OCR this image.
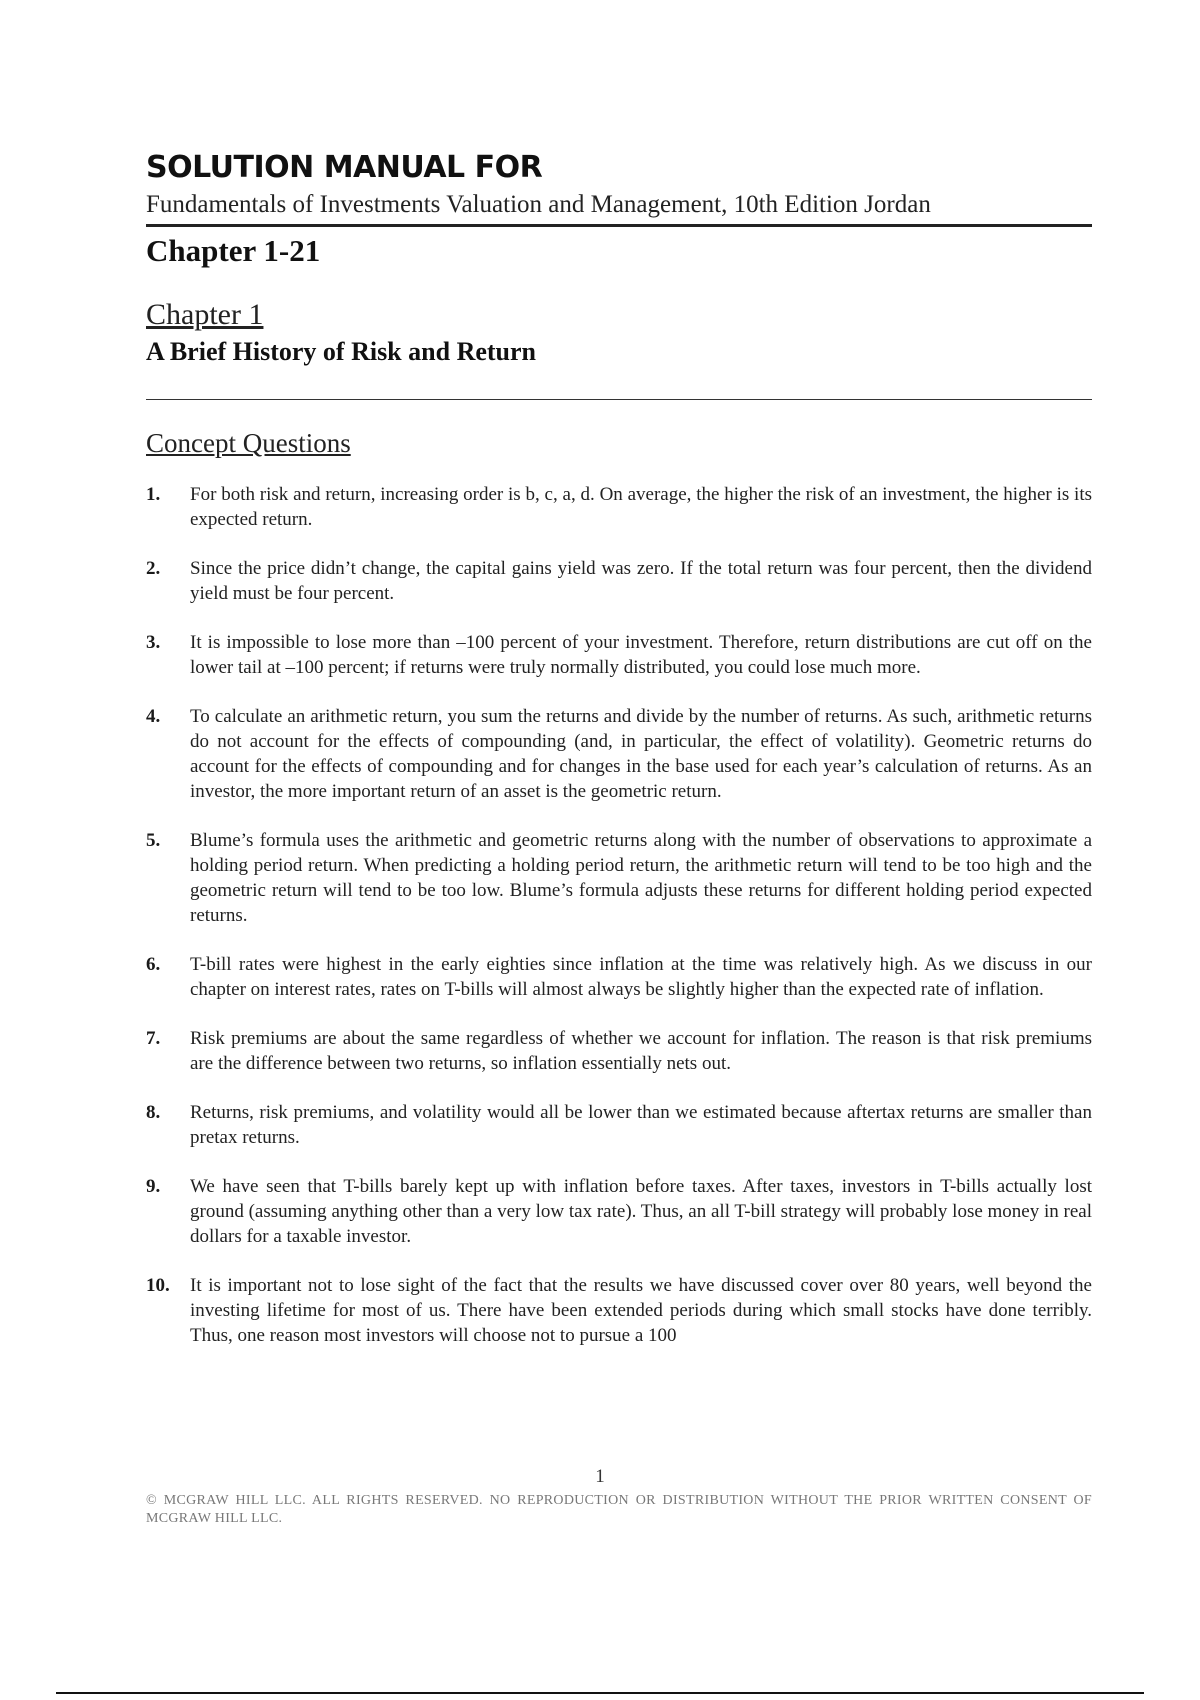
SOLUTION MANUAL FOR
Fundamentals of Investments Valuation and Management, 10th Edition Jordan
Chapter 1-21
Chapter 1
A Brief History of Risk and Return
Concept Questions
1.	For both risk and return, increasing order is b, c, a, d. On average, the higher the risk of an investment, the higher is its expected return.
2.	Since the price didn’t change, the capital gains yield was zero. If the total return was four percent, then the dividend yield must be four percent.
3.	It is impossible to lose more than –100 percent of your investment. Therefore, return distributions are cut off on the lower tail at –100 percent; if returns were truly normally distributed, you could lose much more.
4.	To calculate an arithmetic return, you sum the returns and divide by the number of returns. As such, arithmetic returns do not account for the effects of compounding (and, in particular, the effect of volatility). Geometric returns do account for the effects of compounding and for changes in the base used for each year’s calculation of returns. As an investor, the more important return of an asset is the geometric return.
5.	Blume’s formula uses the arithmetic and geometric returns along with the number of observations to approximate a holding period return. When predicting a holding period return, the arithmetic return will tend to be too high and the geometric return will tend to be too low. Blume’s formula adjusts these returns for different holding period expected returns.
6.	T-bill rates were highest in the early eighties since inflation at the time was relatively high. As we discuss in our chapter on interest rates, rates on T-bills will almost always be slightly higher than the expected rate of inflation.
7.	Risk premiums are about the same regardless of whether we account for inflation. The reason is that risk premiums are the difference between two returns, so inflation essentially nets out.
8.	Returns, risk premiums, and volatility would all be lower than we estimated because aftertax returns are smaller than pretax returns.
9.	We have seen that T-bills barely kept up with inflation before taxes. After taxes, investors in T-bills actually lost ground (assuming anything other than a very low tax rate). Thus, an all T-bill strategy will probably lose money in real dollars for a taxable investor.
10.	It is important not to lose sight of the fact that the results we have discussed cover over 80 years, well beyond the investing lifetime for most of us. There have been extended periods during which small stocks have done terribly. Thus, one reason most investors will choose not to pursue a 100
1
© MCGRAW HILL LLC. ALL RIGHTS RESERVED. NO REPRODUCTION OR DISTRIBUTION WITHOUT THE PRIOR WRITTEN CONSENT OF MCGRAW HILL LLC.
